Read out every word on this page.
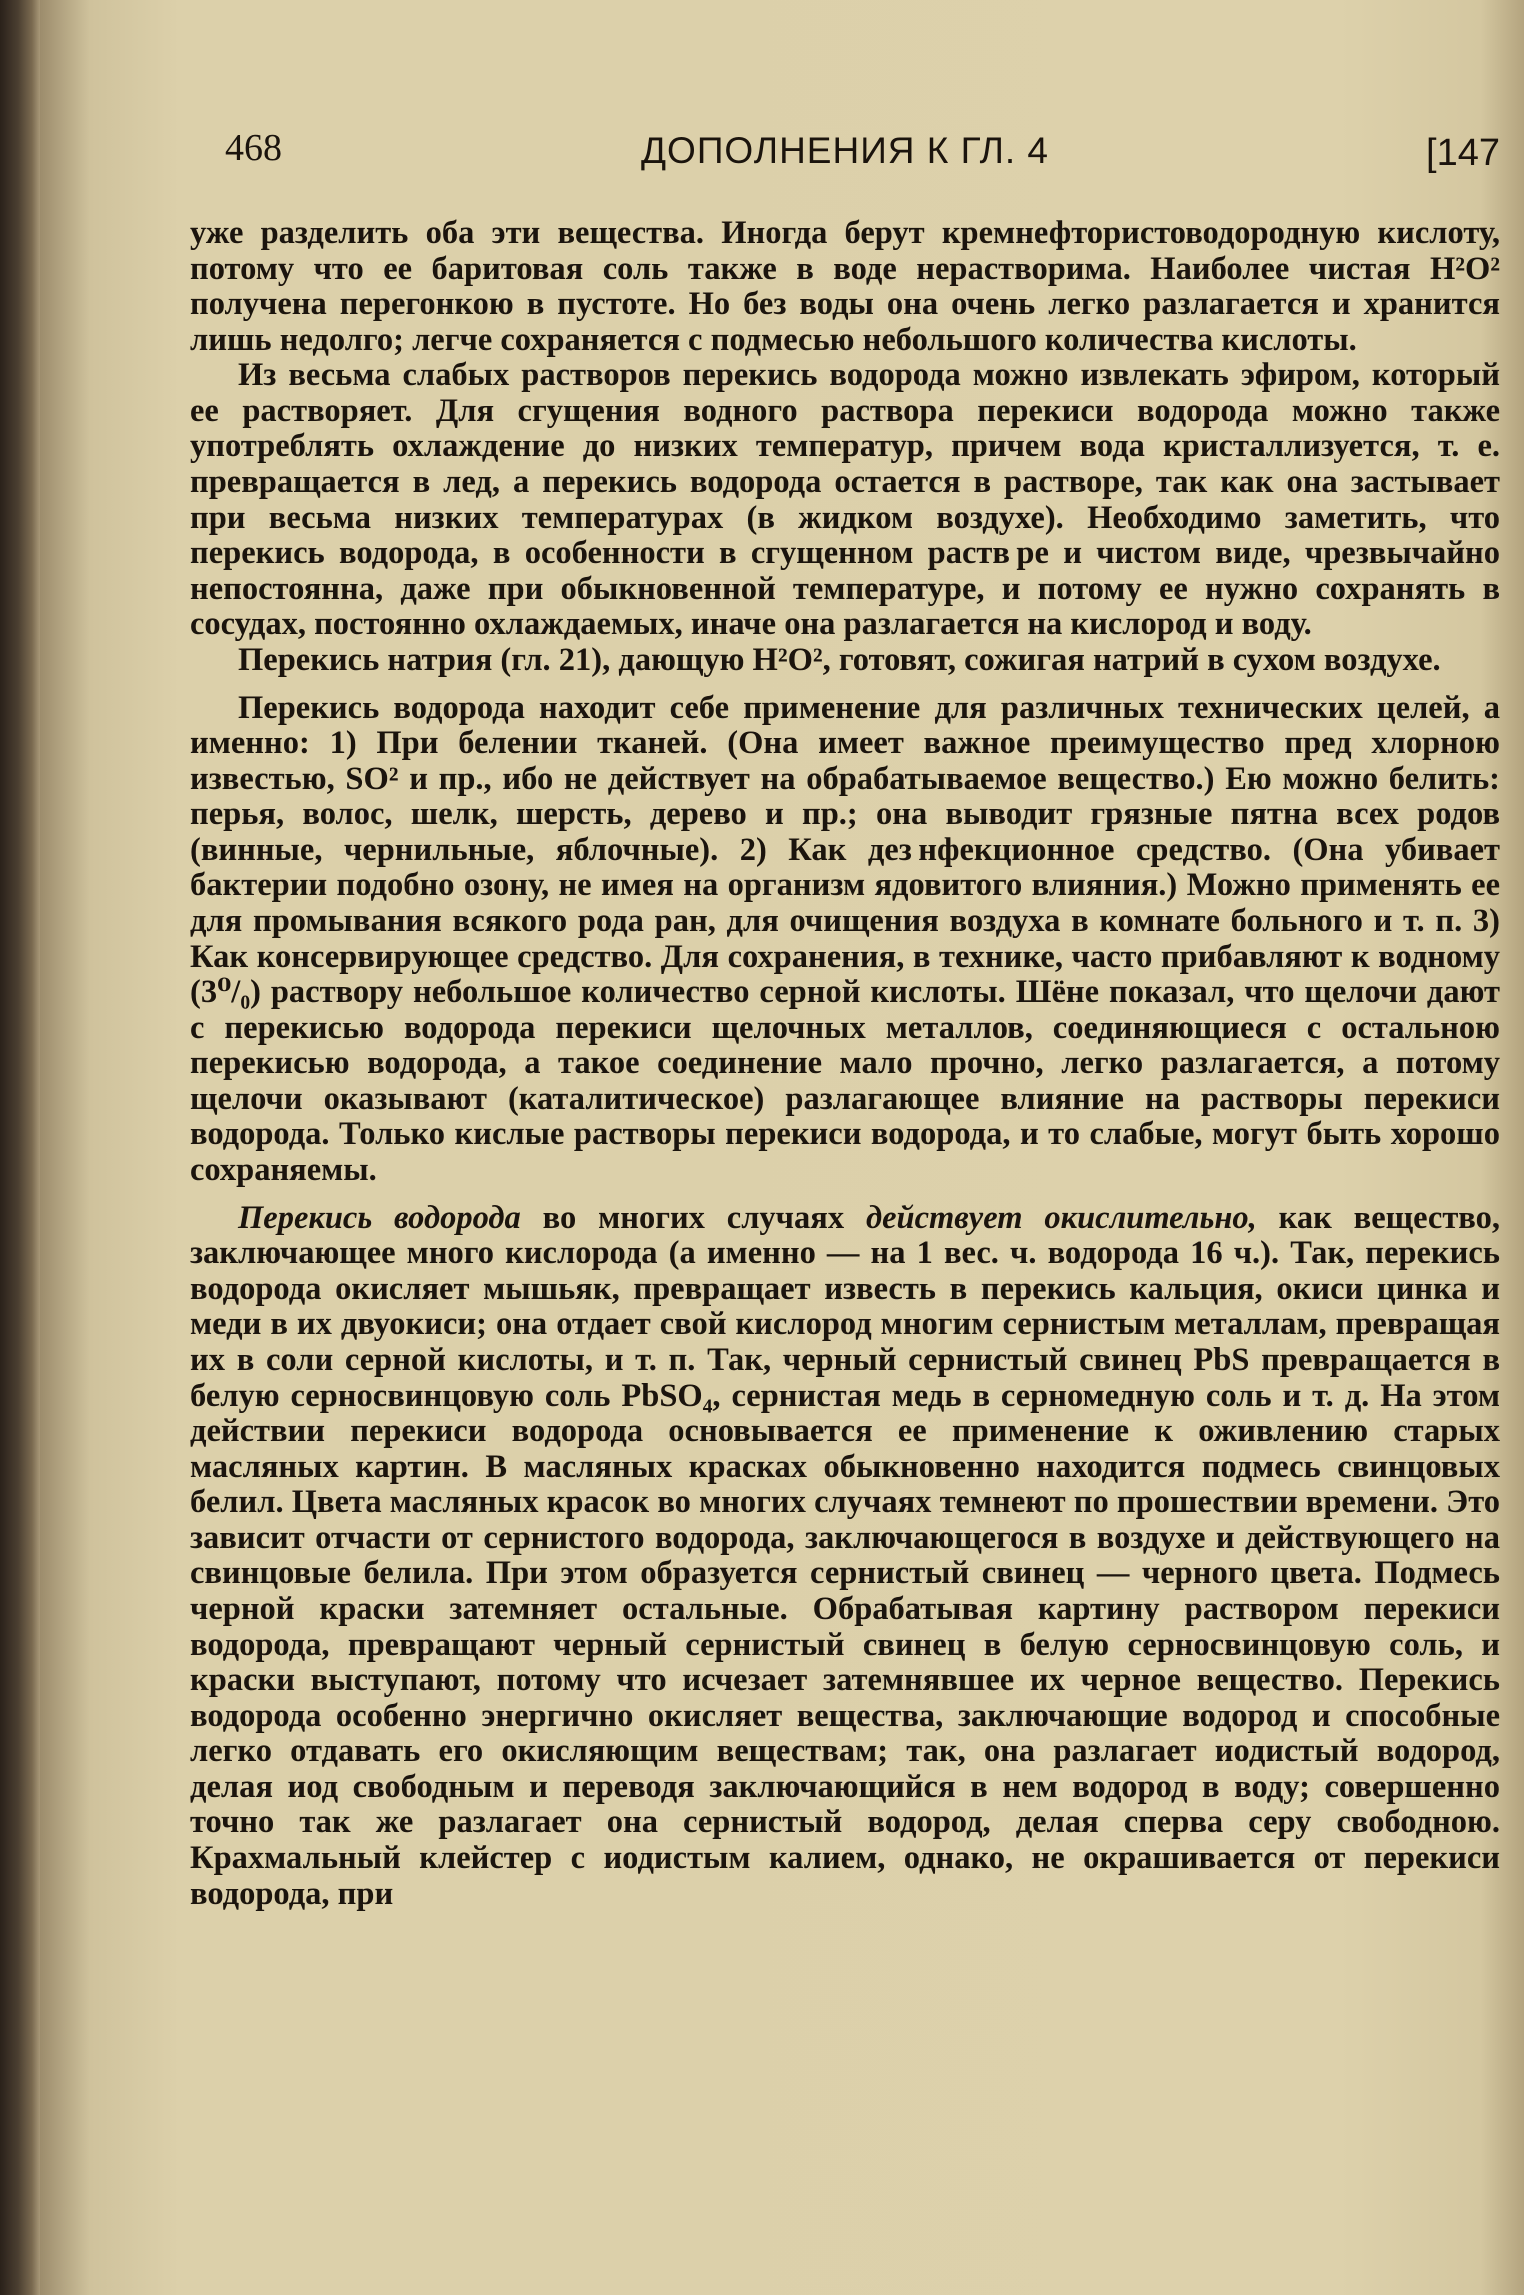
468	ДОПОЛНЕНИЯ К ГЛ. 4	[147

уже разделить оба эти вещества. Иногда берут кремнефтористоводородную кислоту, потому что ее баритовая соль также в воде нерастворима. Наиболее чистая H²O² получена перегонкою в пустоте. Но без воды она очень легко разлагается и хранится лишь недолго; легче сохраняется с подмесью небольшого количества кислоты.

Из весьма слабых растворов перекись водорода можно извлекать эфиром, который ее растворяет. Для сгущения водного раствора перекиси водорода можно также употреблять охлаждение до низких температур, причем вода кристаллизуется, т. е. превращается в лед, а перекись водорода остается в растворе, так как она застывает при весьма низких температурах (в жидком воздухе). Необходимо заметить, что перекись водорода, в особенности в сгущенном раств ре и чистом виде, чрезвычайно непостоянна, даже при обыкновенной температуре, и потому ее нужно сохранять в сосудах, постоянно охлаждаемых, иначе она разлагается на кислород и воду.

Перекись натрия (гл. 21), дающую H²O², готовят, сожигая натрий в сухом воздухе.

Перекись водорода находит себе применение для различных технических целей, а именно: 1) При белении тканей. (Она имеет важное преимущество пред хлорною известью, SO² и пр., ибо не действует на обрабатываемое вещество.) Ею можно белить: перья, волос, шелк, шерсть, дерево и пр.; она выводит грязные пятна всех родов (винные, чернильные, яблочные). 2) Как дез нфекционное средство. (Она убивает бактерии подобно озону, не имея на организм ядовитого влияния.) Можно применять ее для промывания всякого рода ран, для очищения воздуха в комнате больного и т. п. 3) Как консервирующее средство. Для сохранения, в технике, часто прибавляют к водному (3⁰/₀) раствору небольшое количество серной кислоты. Шёне показал, что щелочи дают с перекисью водорода перекиси щелочных металлов, соединяющиеся с остальною перекисью водорода, а такое соединение мало прочно, легко разлагается, а потому щелочи оказывают (каталитическое) разлагающее влияние на растворы перекиси водорода. Только кислые растворы перекиси водорода, и то слабые, могут быть хорошо сохраняемы.

Перекись водорода во многих случаях действует окислительно, как вещество, заключающее много кислорода (а именно — на 1 вес. ч. водорода 16 ч.). Так, перекись водорода окисляет мышьяк, превращает известь в перекись кальция, окиси цинка и меди в их двуокиси; она отдает свой кислород многим сернистым металлам, превращая их в соли серной кислоты, и т. п. Так, черный сернистый свинец PbS превращается в белую серносвинцовую соль PbSO₄, сернистая медь в серномедную соль и т. д. На этом действии перекиси водорода основывается ее применение к оживлению старых масляных картин. В масляных красках обыкновенно находится подмесь свинцовых белил. Цвета масляных красок во многих случаях темнеют по прошествии времени. Это зависит отчасти от сернистого водорода, заключающегося в воздухе и действующего на свинцовые белила. При этом образуется сернистый свинец — черного цвета. Подмесь черной краски затемняет остальные. Обрабатывая картину раствором перекиси водорода, превращают черный сернистый свинец в белую серносвинцовую соль, и краски выступают, потому что исчезает затемнявшее их черное вещество. Перекись водорода особенно энергично окисляет вещества, заключающие водород и способные легко отдавать его окисляющим веществам; так, она разлагает иодистый водород, делая иод свободным и переводя заключающийся в нем водород в воду; совершенно точно так же разлагает она сернистый водород, делая сперва серу свободною. Крахмальный клейстер с иодистым калием, однако, не окрашивается от перекиси водорода, при
